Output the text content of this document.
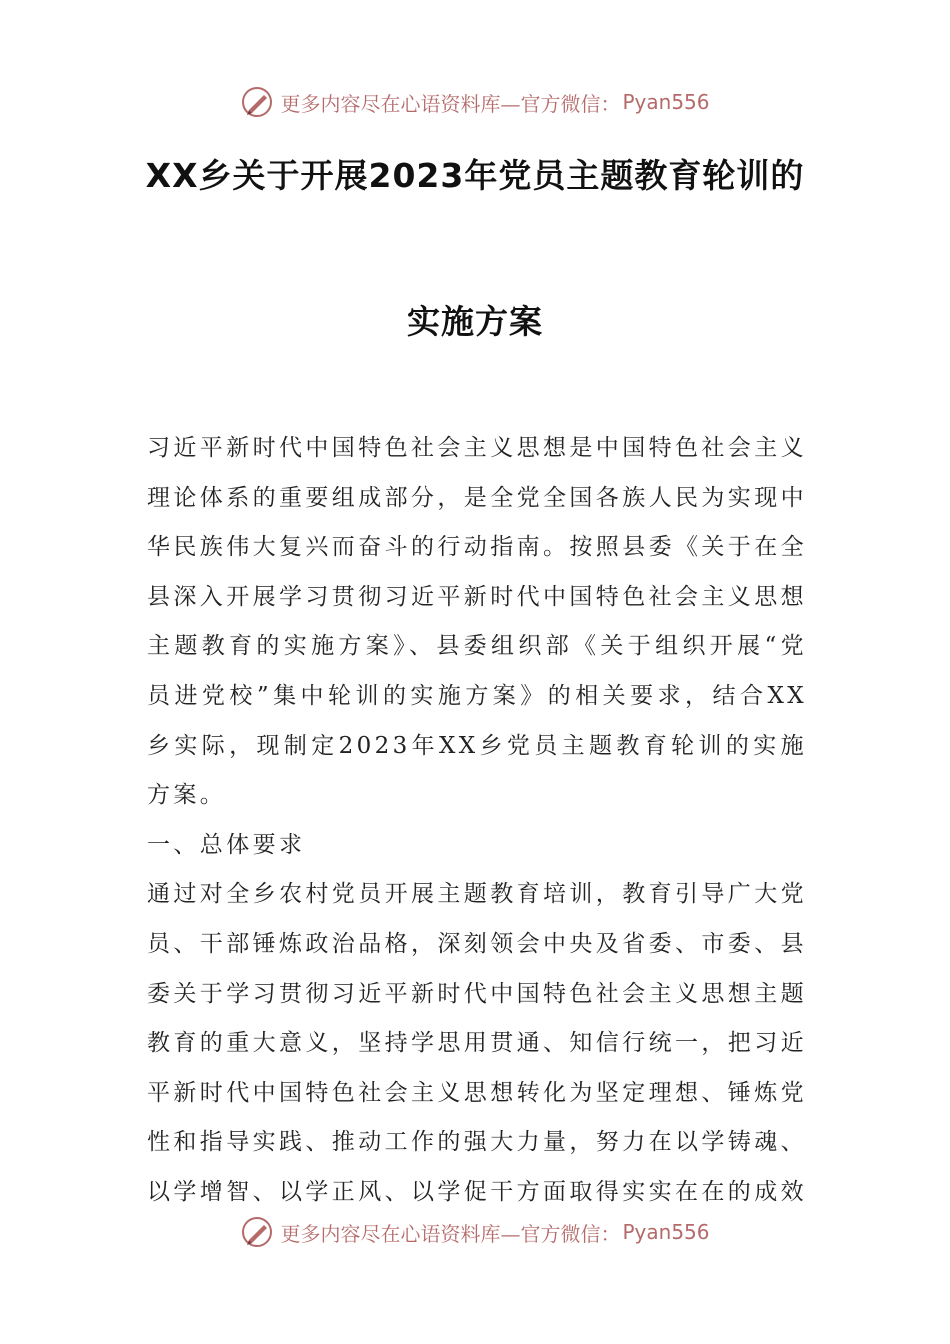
更多内容尽在心语资料库—官方微信： Pyan556
XX乡关于开展2023年党员主题教育轮训的
实施方案

习近平新时代中国特色社会主义思想是中国特色社会主义理论体系的重要组成部分，是全党全国各族人民为实现中华民族伟大复兴而奋斗的行动指南。按照县委《关于在全县深入开展学习贯彻习近平新时代中国特色社会主义思想主题教育的实施方案》、县委组织部《关于组织开展“党员进党校”集中轮训的实施方案》的相关要求，结合XX乡实际，现制定2023年XX乡党员主题教育轮训的实施方案。

一、总体要求

通过对全乡农村党员开展主题教育培训，教育引导广大党员、干部锤炼政治品格，深刻领会中央及省委、市委、县委关于学习贯彻习近平新时代中国特色社会主义思想主题教育的重大意义，坚持学思用贯通、知信行统一，把习近平新时代中国特色社会主义思想转化为坚定理想、锤炼党性和指导实践、推动工作的强大力量，努力在以学铸魂、以学增智、以学正风、以学促干方面取得实实在在的成效

更多内容尽在心语资料库—官方微信： Pyan556
